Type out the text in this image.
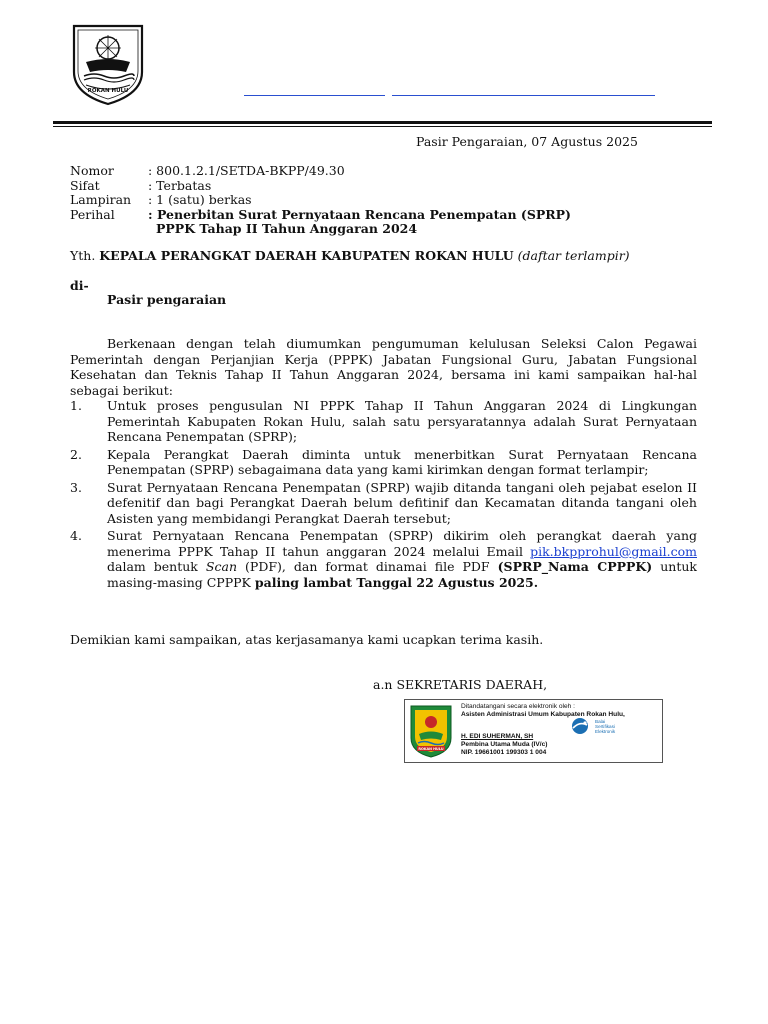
ROKAN HULU
Pasir Pengaraian, 07 Agustus 2025
Nomor	: 800.1.2.1/SETDA-BKPP/49.30
Sifat	: Terbatas
Lampiran : 1 (satu) berkas
Perihal	: Penerbitan Surat Pernyataan Rencana Penempatan (SPRP)
PPPK Tahap II Tahun Anggaran 2024
Yth. KEPALA PERANGKAT DAERAH KABUPATEN ROKAN HULU (daftar terlampir)
di-
Pasir pengaraian
Berkenaan dengan telah diumumkan pengumuman kelulusan Seleksi Calon Pegawai Pemerintah dengan Perjanjian Kerja (PPPK) Jabatan Fungsional Guru, Jabatan Fungsional Kesehatan dan Teknis Tahap II Tahun Anggaran 2024, bersama ini kami sampaikan hal-hal sebagai berikut:
1. Untuk proses pengusulan NI PPPK Tahap II Tahun Anggaran 2024 di Lingkungan Pemerintah Kabupaten Rokan Hulu, salah satu persyaratannya adalah Surat Pernyataan Rencana Penempatan (SPRP);
2. Kepala Perangkat Daerah diminta untuk menerbitkan Surat Pernyataan Rencana Penempatan (SPRP) sebagaimana data yang kami kirimkan dengan format terlampir;
3. Surat Pernyataan Rencana Penempatan (SPRP) wajib ditanda tangani oleh pejabat eselon II defenitif dan bagi Perangkat Daerah belum defitinif dan Kecamatan ditanda tangani oleh Asisten yang membidangi Perangkat Daerah tersebut;
4. Surat Pernyataan Rencana Penempatan (SPRP) dikirim oleh perangkat daerah yang menerima PPPK Tahap II tahun anggaran 2024 melalui Email pik.bkpprohul@gmail.com dalam bentuk Scan (PDF), dan format dinamai file PDF (SPRP_Nama CPPPK) untuk masing-masing CPPPK paling lambat Tanggal 22 Agustus 2025.
Demikian kami sampaikan, atas kerjasamanya kami ucapkan terima kasih.
a.n SEKRETARIS DAERAH,
ROKAN HULU
Ditandatangani secara elektronik oleh :
Asisten Administrasi Umum Kabupaten Rokan Hulu,
H. EDI SUHERMAN, SH
Pembina Utama Muda (IV/c)
NIP. 19661001 199303 1 004
Balai
Sertifikasi
Elektronik
